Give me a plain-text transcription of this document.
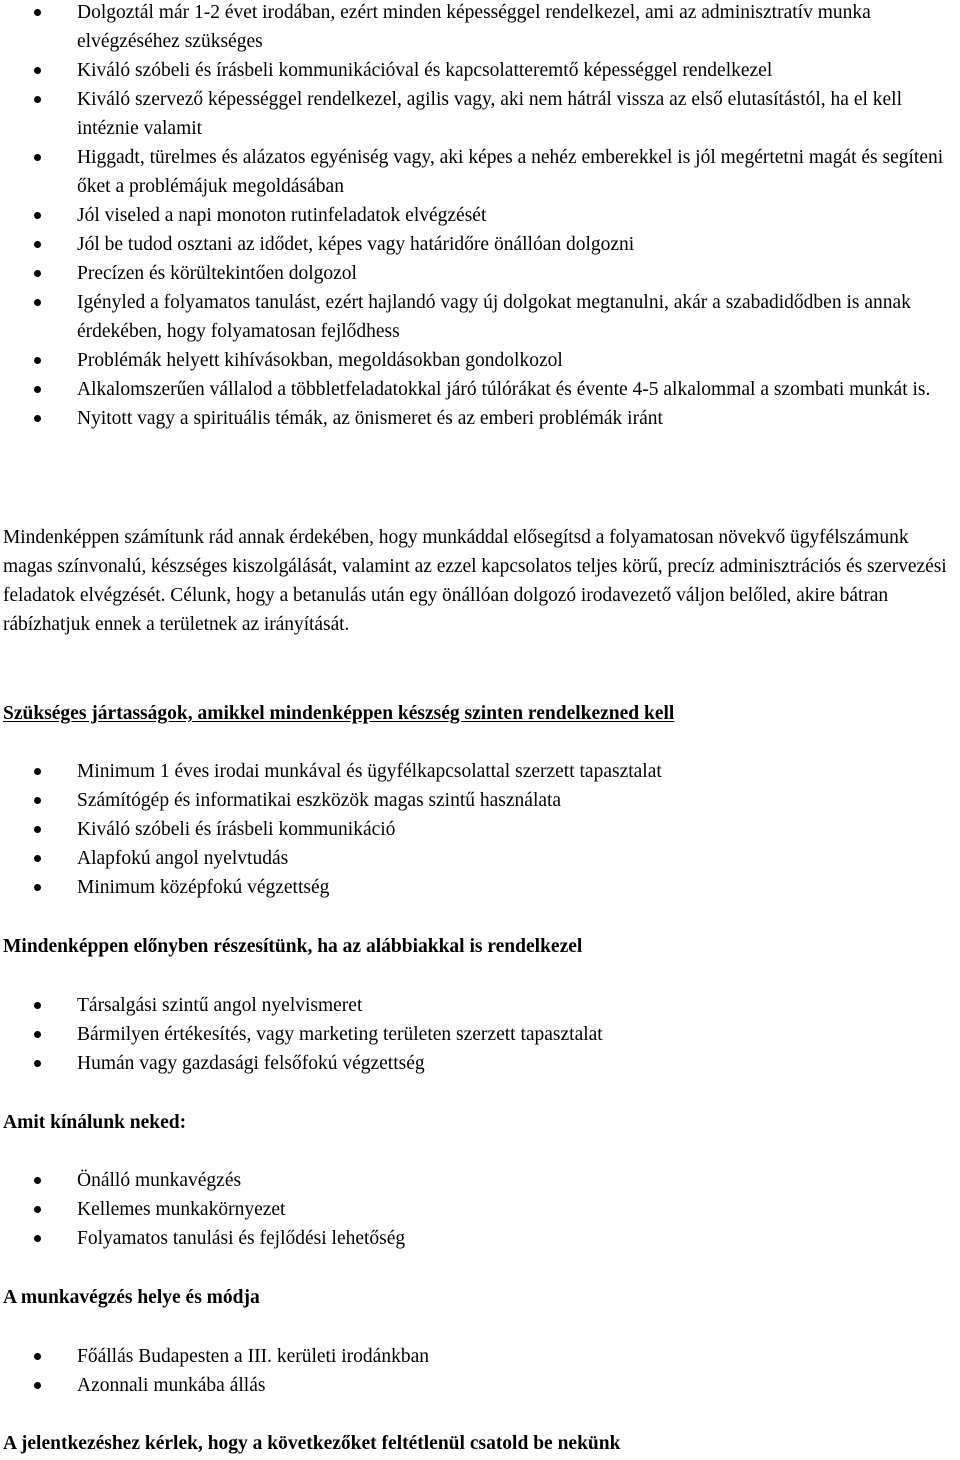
Dolgoztál már 1-2 évet irodában, ezért minden képességgel rendelkezel, ami az adminisztratív munka elvégzéséhez szükséges
Kiváló szóbeli és írásbeli kommunikációval és kapcsolatteremtő képességgel rendelkezel
Kiváló szervező képességgel rendelkezel, agilis vagy, aki nem hátrál vissza az első elutasítástól, ha el kell intéznie valamit
Higgadt, türelmes és alázatos egyéniség vagy, aki képes a nehéz emberekkel is jól megértetni magát és segíteni őket a problémájuk megoldásában
Jól viseled a napi monoton rutinfeladatok elvégzését
Jól be tudod osztani az idődet, képes vagy határidőre önállóan dolgozni
Precízen és körültekintően dolgozol
Igényled a folyamatos tanulást, ezért hajlandó vagy új dolgokat megtanulni, akár a szabadidődben is annak érdekében, hogy folyamatosan fejlődhess
Problémák helyett kihívásokban, megoldásokban gondolkozol
Alkalomszerűen vállalod a többletfeladatokkal járó túlórákat és évente 4-5 alkalommal a szombati munkát is.
Nyitott vagy a spirituális témák, az önismeret és az emberi problémák iránt

Mindenképpen számítunk rád annak érdekében, hogy munkáddal elősegítsd a folyamatosan növekvő ügyfélszámunk magas színvonalú, készséges kiszolgálását, valamint az ezzel kapcsolatos teljes körű, precíz adminisztrációs és szervezési feladatok elvégzését. Célunk, hogy a betanulás után egy önállóan dolgozó irodavezető váljon belőled, akire bátran rábízhatjuk ennek a területnek az irányítását.

Szükséges jártasságok, amikkel mindenképpen készség szinten rendelkezned kell
Minimum 1 éves irodai munkával és ügyfélkapcsolattal szerzett tapasztalat
Számítógép és informatikai eszközök magas szintű használata
Kiváló szóbeli és írásbeli kommunikáció
Alapfokú angol nyelvtudás
Minimum középfokú végzettség
Mindenképpen előnyben részesítünk, ha az alábbiakkal is rendelkezel
Társalgási szintű angol nyelvismeret
Bármilyen értékesítés, vagy marketing területen szerzett tapasztalat
Humán vagy gazdasági felsőfokú végzettség
Amit kínálunk neked:
Önálló munkavégzés
Kellemes munkakörnyezet
Folyamatos tanulási és fejlődési lehetőség
A munkavégzés helye és módja
Főállás Budapesten a III. kerületi irodánkban
Azonnali munkába állás
A jelentkezéshez kérlek, hogy a következőket feltétlenül csatold be nekünk
